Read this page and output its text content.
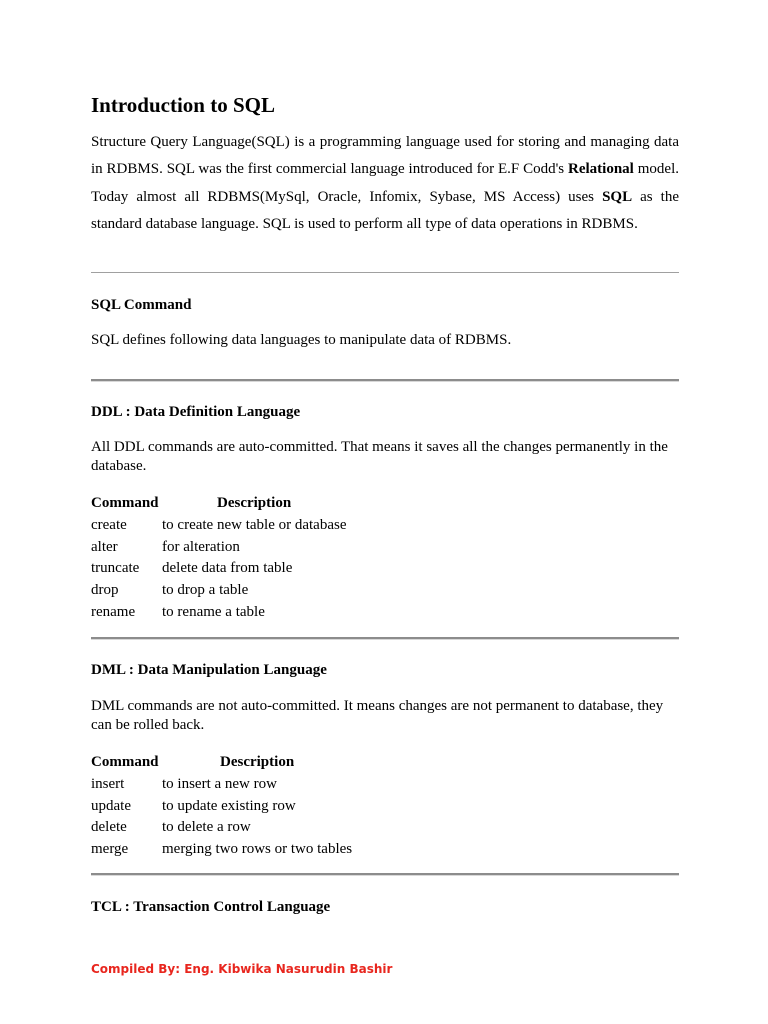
Introduction to SQL

Structure Query Language(SQL) is a programming language used for storing and managing data in RDBMS. SQL was the first commercial language introduced for E.F Codd's Relational model. Today almost all RDBMS(MySql, Oracle, Infomix, Sybase, MS Access) uses SQL as the standard database language. SQL is used to perform all type of data operations in RDBMS.

SQL Command

SQL defines following data languages to manipulate data of RDBMS.

DDL : Data Definition Language

All DDL commands are auto-committed. That means it saves all the changes permanently in the database.

Command	Description
create	to create new table or database
alter	for alteration
truncate	delete data from table
drop	to drop a table
rename	to rename a table
DML : Data Manipulation Language

DML commands are not auto-committed. It means changes are not permanent to database, they can be rolled back.

Command	Description
insert	to insert a new row
update	to update existing row
delete	to delete a row
merge	merging two rows or two tables
TCL : Transaction Control Language

Compiled By: Eng. Kibwika Nasurudin Bashir
